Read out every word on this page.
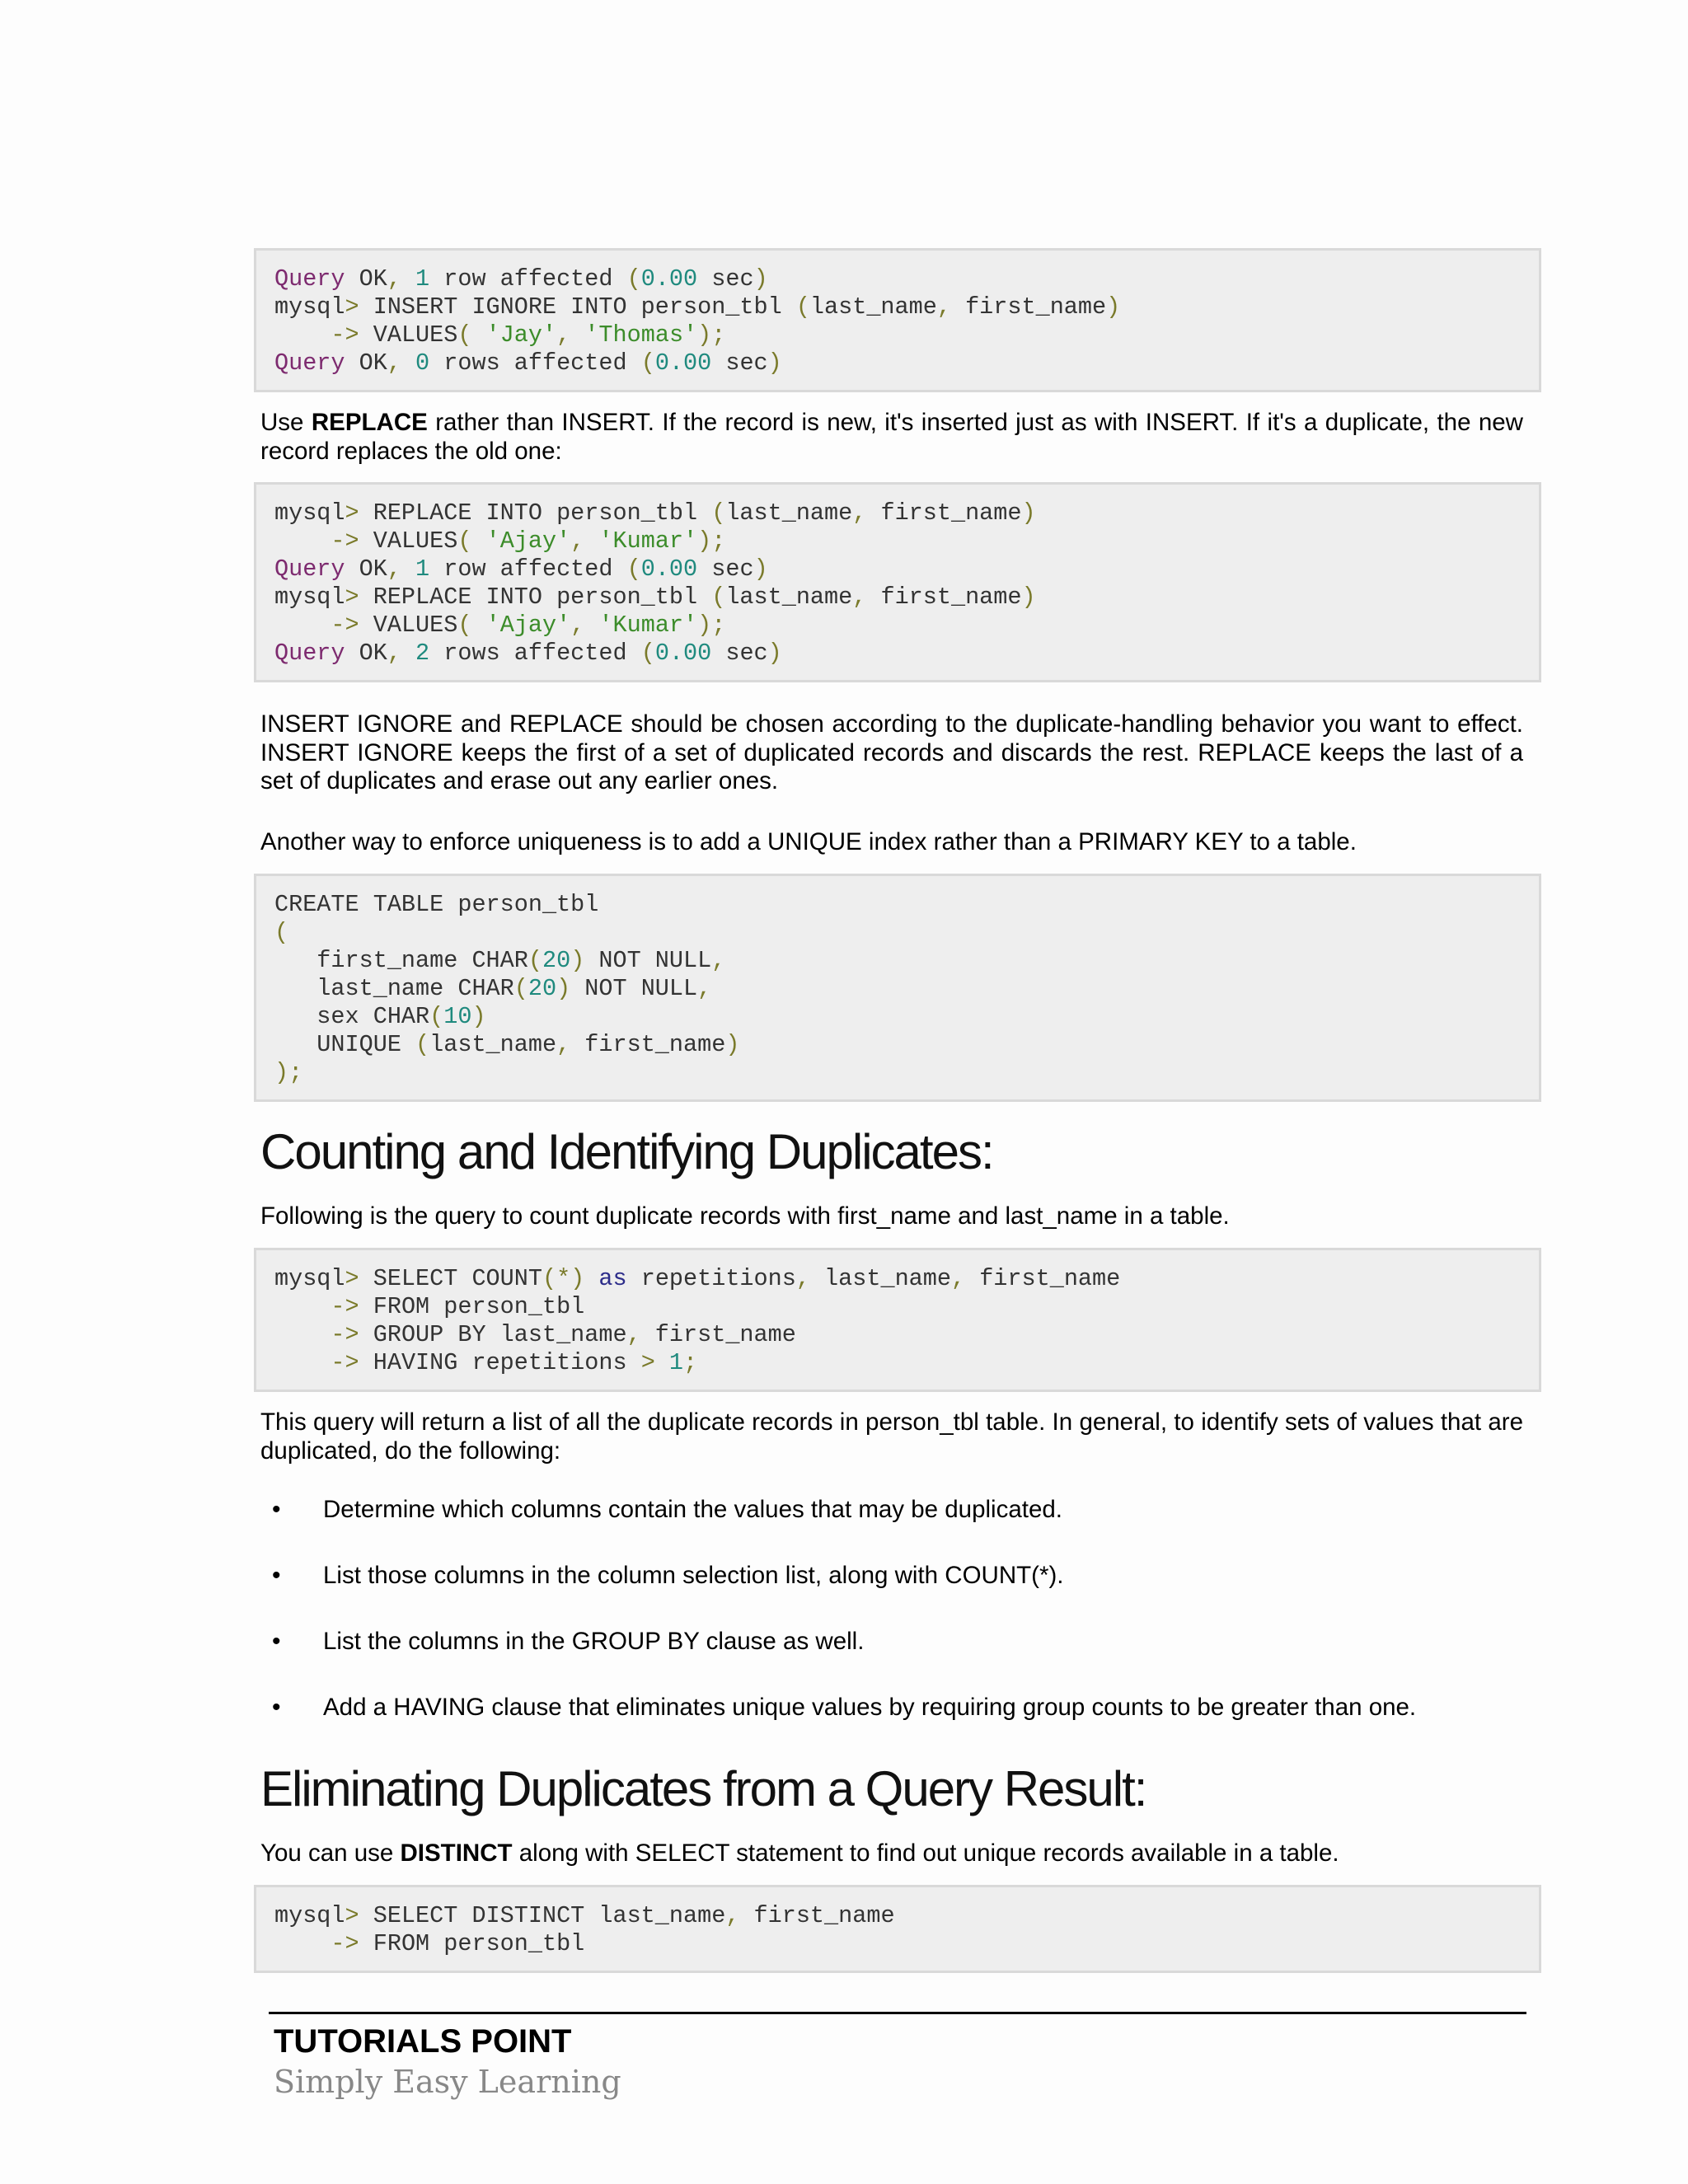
Query OK, 1 row affected (0.00 sec)
mysql> INSERT IGNORE INTO person_tbl (last_name, first_name)
-> VALUES( 'Jay', 'Thomas');
Query OK, 0 rows affected (0.00 sec)

Use REPLACE rather than INSERT. If the record is new, it's inserted just as with INSERT. If it's a duplicate, the new record replaces the old one:

mysql> REPLACE INTO person_tbl (last_name, first_name)
-> VALUES( 'Ajay', 'Kumar');
Query OK, 1 row affected (0.00 sec)
mysql> REPLACE INTO person_tbl (last_name, first_name)
-> VALUES( 'Ajay', 'Kumar');
Query OK, 2 rows affected (0.00 sec)

INSERT IGNORE and REPLACE should be chosen according to the duplicate-handling behavior you want to effect. INSERT IGNORE keeps the first of a set of duplicated records and discards the rest. REPLACE keeps the last of a set of duplicates and erase out any earlier ones.

Another way to enforce uniqueness is to add a UNIQUE index rather than a PRIMARY KEY to a table.

CREATE TABLE person_tbl
(
first_name CHAR(20) NOT NULL,
last_name CHAR(20) NOT NULL,
sex CHAR(10)
UNIQUE (last_name, first_name)
);
Counting and Identifying Duplicates:

Following is the query to count duplicate records with first_name and last_name in a table.

mysql> SELECT COUNT(*) as repetitions, last_name, first_name
-> FROM person_tbl
-> GROUP BY last_name, first_name
-> HAVING repetitions > 1;

This query will return a list of all the duplicate records in person_tbl table. In general, to identify sets of values that are duplicated, do the following:

• Determine which columns contain the values that may be duplicated.

• List those columns in the column selection list, along with COUNT(*).

• List the columns in the GROUP BY clause as well.

• Add a HAVING clause that eliminates unique values by requiring group counts to be greater than one.

Eliminating Duplicates from a Query Result:

You can use DISTINCT along with SELECT statement to find out unique records available in a table.

mysql> SELECT DISTINCT last_name, first_name
-> FROM person_tbl
TUTORIALS POINT
Simply Easy Learning
